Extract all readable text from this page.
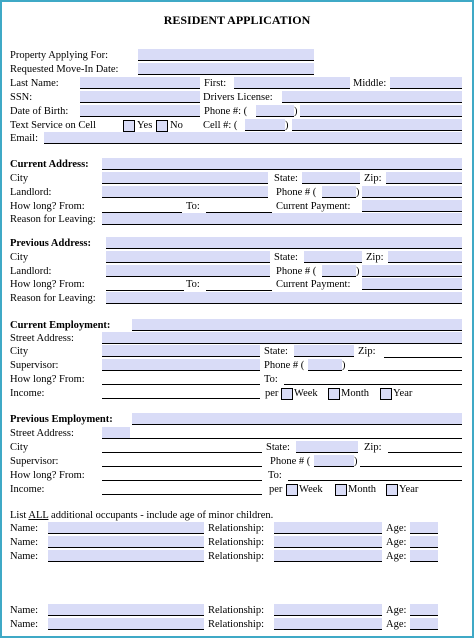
RESIDENT APPLICATION
Property Applying For:
Requested Move-In Date:
Last Name:	First:	Middle:
SSN:	Drivers License:
Date of Birth:	Phone #: (	)
Text Service on Cell	Yes No Cell #: (	)
Email:
Current Address:
City	State:	Zip:
Landlord:	Phone # (	)
How long? From:	To:	Current Payment:
Reason for Leaving:
Previous Address:
City	State:	Zip:
Landlord:	Phone # (	)
How long? From:	To:	Current Payment:
Reason for Leaving:
Current Employment:
Street Address:
City	State:	Zip:
Supervisor:	Phone # (	)
How long? From:	To:
Income:	per Week Month Year
Previous Employment:
Street Address:
City	State:	Zip:
Supervisor:	Phone # (	)
How long? From:	To:
Income:	per Week Month Year
List ALL additional occupants - include age of minor children.
Name:	Relationship:	Age:
Name:	Relationship:	Age:
Name:	Relationship:	Age:
Name:	Relationship:	Age:
Name:	Relationship:	Age:
